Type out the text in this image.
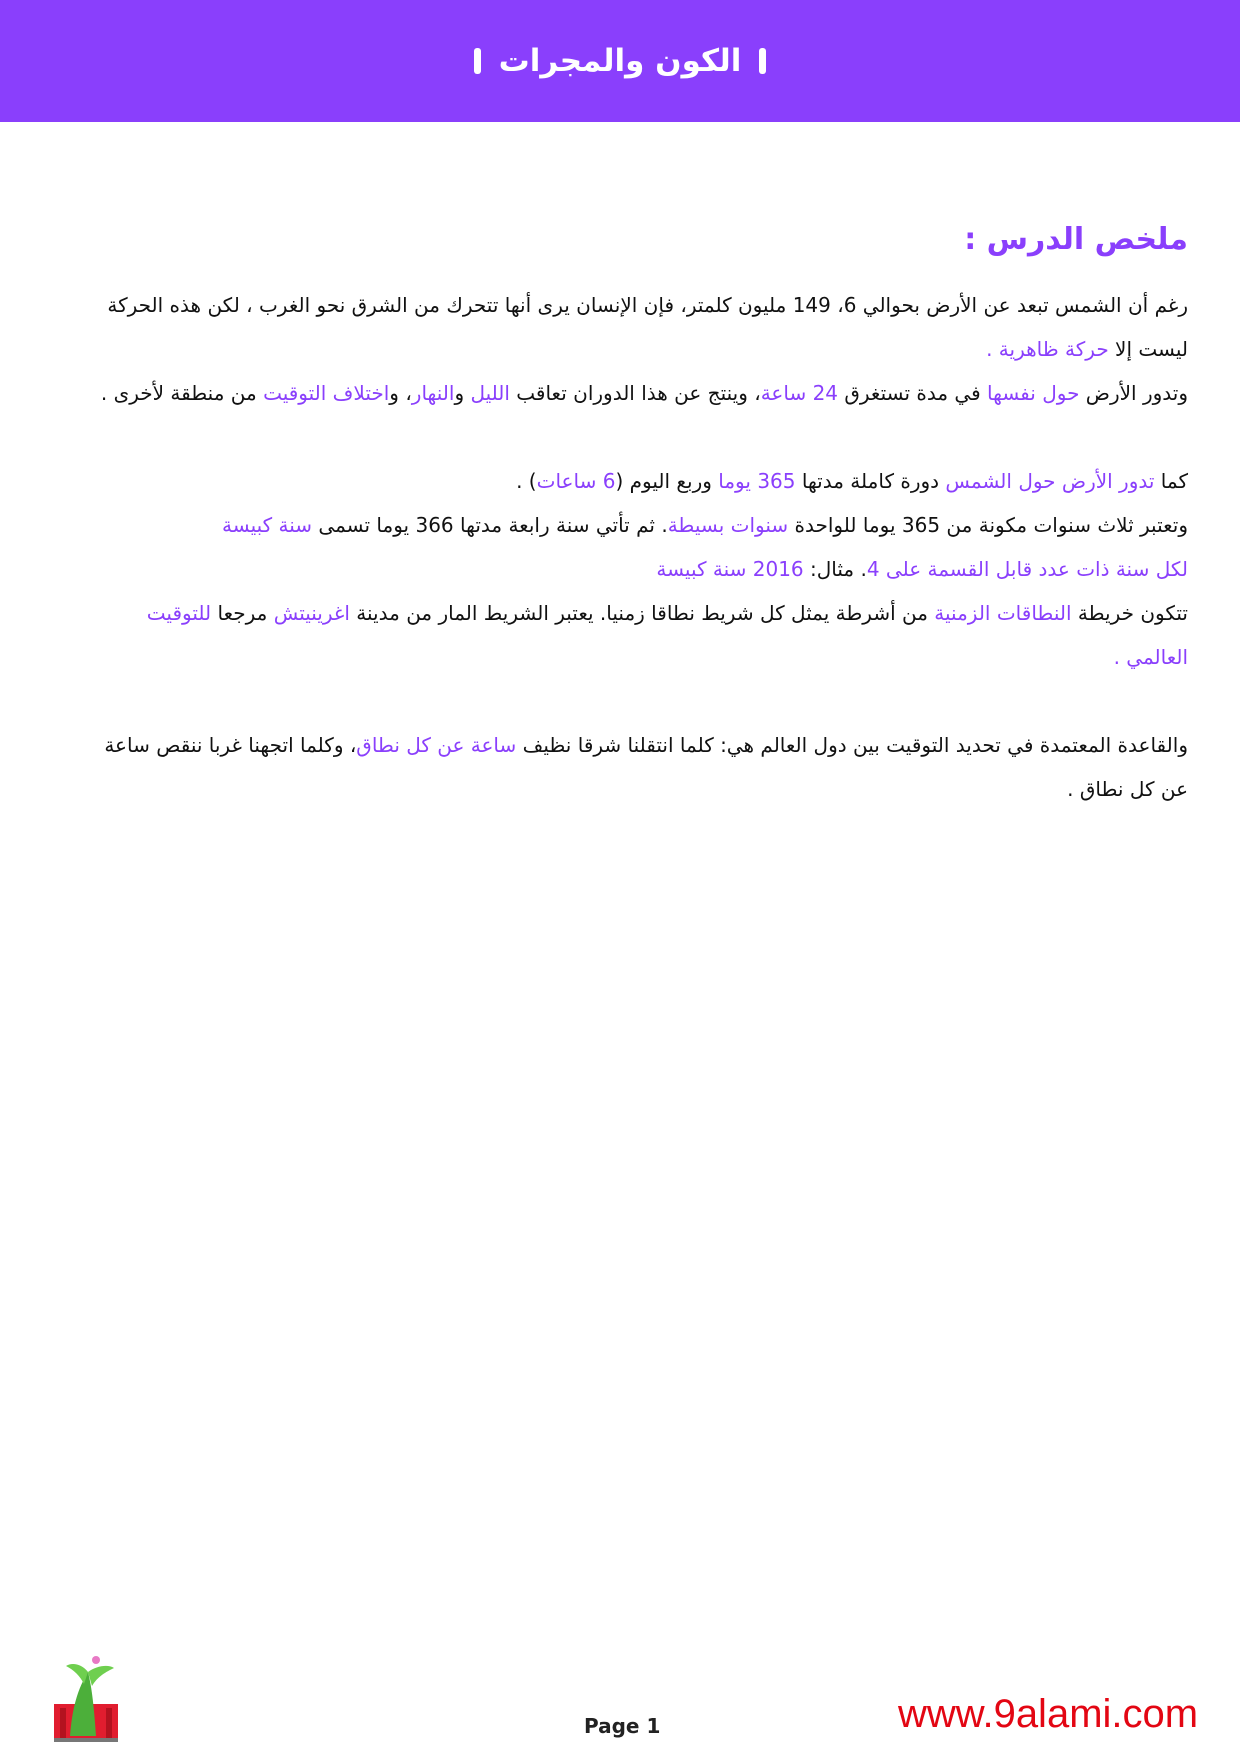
الكون والمجرات
ملخص الدرس :

رغم أن الشمس تبعد عن الأرض بحوالي 6، 149 مليون كلمتر، فإن الإنسان يرى أنها تتحرك من الشرق نحو الغرب ، لكن هذه الحركة ليست إلا حركة ظاهرية .

وتدور الأرض حول نفسها في مدة تستغرق 24 ساعة، وينتج عن هذا الدوران تعاقب الليل والنهار، واختلاف التوقيت من منطقة لأخرى .

كما تدور الأرض حول الشمس دورة كاملة مدتها 365 يوما وربع اليوم (6 ساعات) .

وتعتبر ثلاث سنوات مكونة من 365 يوما للواحدة سنوات بسيطة. ثم تأتي سنة رابعة مدتها 366 يوما تسمى سنة كبيسة

لكل سنة ذات عدد قابل القسمة على 4. مثال: 2016 سنة كبيسة

تتكون خريطة النطاقات الزمنية من أشرطة يمثل كل شريط نطاقا زمنيا. يعتبر الشريط المار من مدينة اغرينيتش مرجعا للتوقيت العالمي .

والقاعدة المعتمدة في تحديد التوقيت بين دول العالم هي: كلما انتقلنا شرقا نظيف ساعة عن كل نطاق، وكلما اتجهنا غربا ننقص ساعة عن كل نطاق .

Page 1	www.9alami.com
